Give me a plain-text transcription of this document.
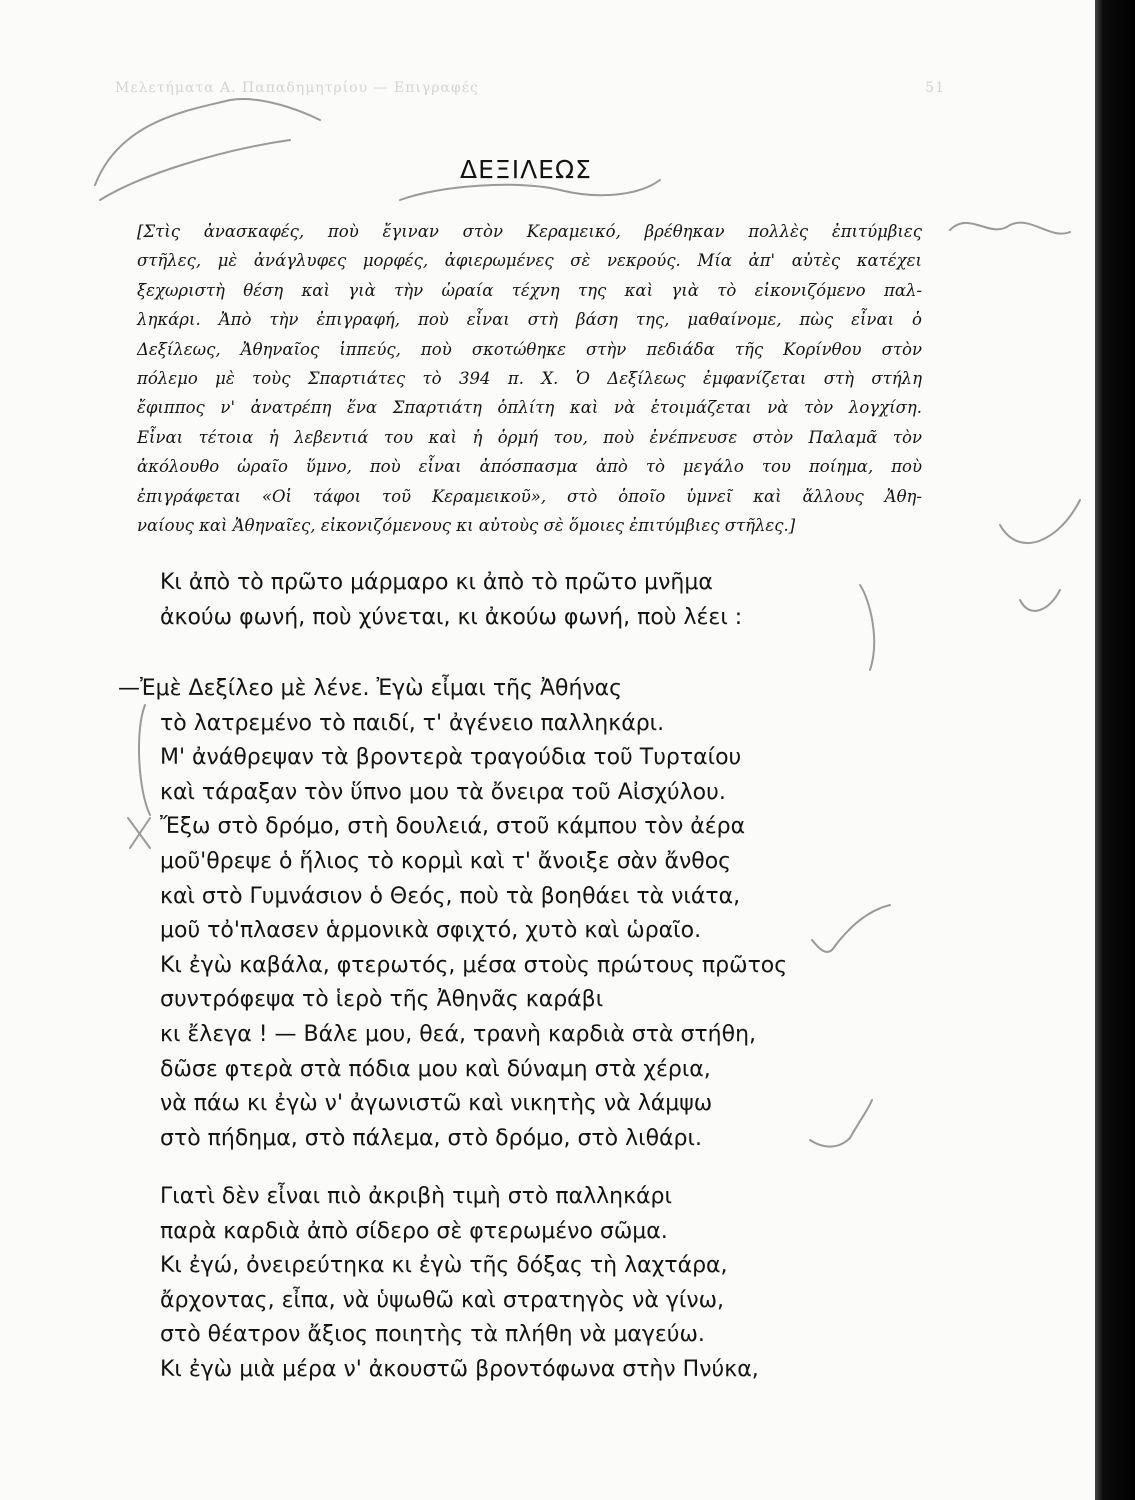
Μελετήματα Α. Παπαδημητρίου — Επιγραφές	51
ΔΕΞΙΛΕΩΣ

[Στὶς ἀνασκαφές, ποὺ ἔγιναν στὸν Κεραμεικό, βρέθηκαν πολλὲς ἐπιτύμβιες

στῆλες, μὲ ἀνάγλυφες μορφές, ἀφιερωμένες σὲ νεκρούς. Μία ἀπ' αὐτὲς κατέχει

ξεχωριστὴ θέση καὶ γιὰ τὴν ὡραία τέχνη της καὶ γιὰ τὸ εἰκονιζόμενο παλ-

ληκάρι. Ἀπὸ τὴν ἐπιγραφή, ποὺ εἶναι στὴ βάση της, μαθαίνομε, πὼς εἶναι ὁ

Δεξίλεως, Ἀθηναῖος ἱππεύς, ποὺ σκοτώθηκε στὴν πεδιάδα τῆς Κορίνθου στὸν

πόλεμο μὲ τοὺς Σπαρτιάτες τὸ 394 π. Χ. Ὁ Δεξίλεως ἐμφανίζεται στὴ στήλη

ἔφιππος ν' ἀνατρέπη ἕνα Σπαρτιάτη ὁπλίτη καὶ νὰ ἑτοιμάζεται νὰ τὸν λογχίση.

Εἶναι τέτοια ἡ λεβεντιά του καὶ ἡ ὁρμή του, ποὺ ἐνέπνευσε στὸν Παλαμᾶ τὸν

ἀκόλουθο ὡραῖο ὕμνο, ποὺ εἶναι ἀπόσπασμα ἀπὸ τὸ μεγάλο του ποίημα, ποὺ

ἐπιγράφεται «Οἱ τάφοι τοῦ Κεραμεικοῦ», στὸ ὁποῖο ὑμνεῖ καὶ ἄλλους Ἀθη-

ναίους καὶ Ἀθηναῖες, εἰκονιζόμενους κι αὐτοὺς σὲ ὅμοιες ἐπιτύμβιες στῆλες.]

Κι ἀπὸ τὸ πρῶτο μάρμαρο κι ἀπὸ τὸ πρῶτο μνῆμα

ἀκούω φωνή, ποὺ χύνεται, κι ἀκούω φωνή, ποὺ λέει :

—Ἐμὲ Δεξίλεο μὲ λένε. Ἐγὼ εἶμαι τῆς Ἀθήνας

τὸ λατρεμένο τὸ παιδί, τ' ἀγένειο παλληκάρι.

Μ' ἀνάθρεψαν τὰ βροντερὰ τραγούδια τοῦ Τυρταίου

καὶ τάραξαν τὸν ὕπνο μου τὰ ὄνειρα τοῦ Αἰσχύλου.

Ἔξω στὸ δρόμο, στὴ δουλειά, στοῦ κάμπου τὸν ἀέρα

μοῦ'θρεψε ὁ ἥλιος τὸ κορμὶ καὶ τ' ἄνοιξε σὰν ἄνθος

καὶ στὸ Γυμνάσιον ὁ Θεός, ποὺ τὰ βοηθάει τὰ νιάτα,

μοῦ τὀ'πλασεν ἁρμονικὰ σφιχτό, χυτὸ καὶ ὡραῖο.

Κι ἐγὼ καβάλα, φτερωτός, μέσα στοὺς πρώτους πρῶτος

συντρόφεψα τὸ ἱερὸ τῆς Ἀθηνᾶς καράβι

κι ἔλεγα ! — Βάλε μου, θεά, τρανὴ καρδιὰ στὰ στήθη,

δῶσε φτερὰ στὰ πόδια μου καὶ δύναμη στὰ χέρια,

νὰ πάω κι ἐγὼ ν' ἀγωνιστῶ καὶ νικητὴς νὰ λάμψω

στὸ πήδημα, στὸ πάλεμα, στὸ δρόμο, στὸ λιθάρι.

Γιατὶ δὲν εἶναι πιὸ ἀκριβὴ τιμὴ στὸ παλληκάρι

παρὰ καρδιὰ ἀπὸ σίδερο σὲ φτερωμένο σῶμα.

Κι ἐγώ, ὀνειρεύτηκα κι ἐγὼ τῆς δόξας τὴ λαχτάρα,

ἄρχοντας, εἶπα, νὰ ὑψωθῶ καὶ στρατηγὸς νὰ γίνω,

στὸ θέατρον ἄξιος ποιητὴς τὰ πλήθη νὰ μαγεύω.

Κι ἐγὼ μιὰ μέρα ν' ἀκουστῶ βροντόφωνα στὴν Πνύκα,
